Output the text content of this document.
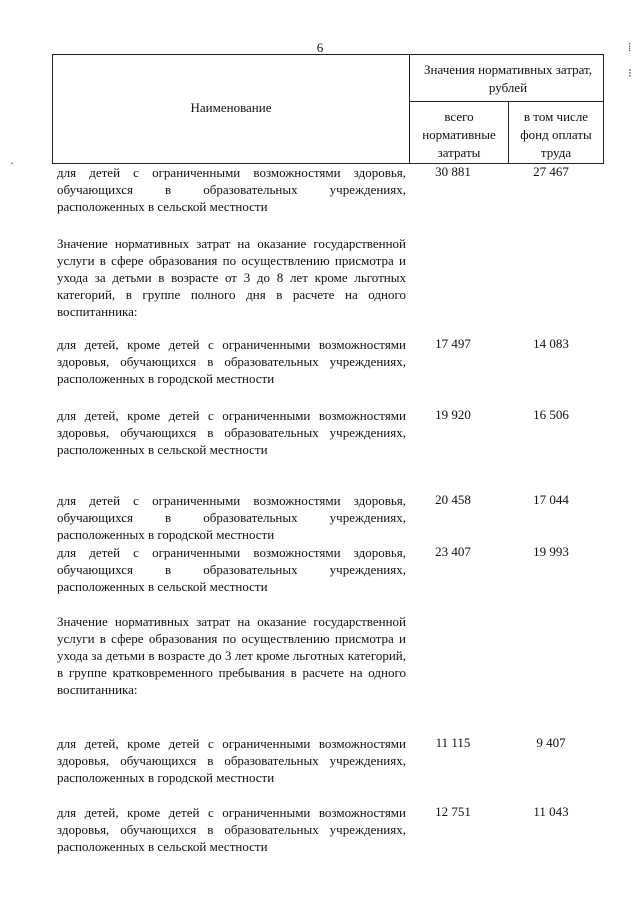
6
Наименование
Значения нормативных затрат, рублей
всего нормативные затраты
в том числе фонд оплаты труда
для детей с ограниченными возможностями здоровья, обучающихся в образовательных учреждениях, расположенных в сельской местности
30 881	27 467
Значение нормативных затрат на оказание государственной услуги в сфере образования по осуществлению присмотра и ухода за детьми в возрасте от 3 до 8 лет кроме льготных категорий, в группе полного дня в расчете на одного воспитанника:
для детей, кроме детей с ограниченными возможностями здоровья, обучающихся в образовательных учреждениях, расположенных в городской местности
17 497	14 083
для детей, кроме детей с ограниченными возможностями здоровья, обучающихся в образовательных учреждениях, расположенных в сельской местности
19 920	16 506
для детей с ограниченными возможностями здоровья, обучающихся в образовательных учреждениях, расположенных в городской местности
20 458	17 044
для детей с ограниченными возможностями здоровья, обучающихся в образовательных учреждениях, расположенных в сельской местности
23 407	19 993
Значение нормативных затрат на оказание государственной услуги в сфере образования по осуществлению присмотра и ухода за детьми в возрасте до 3 лет кроме льготных категорий, в группе кратковременного пребывания в расчете на одного воспитанника:
для детей, кроме детей с ограниченными возможностями здоровья, обучающихся в образовательных учреждениях, расположенных в городской местности
11 115	9 407
для детей, кроме детей с ограниченными возможностями здоровья, обучающихся в образовательных учреждениях, расположенных в сельской местности
12 751	11 043
⁞
⁝
·
